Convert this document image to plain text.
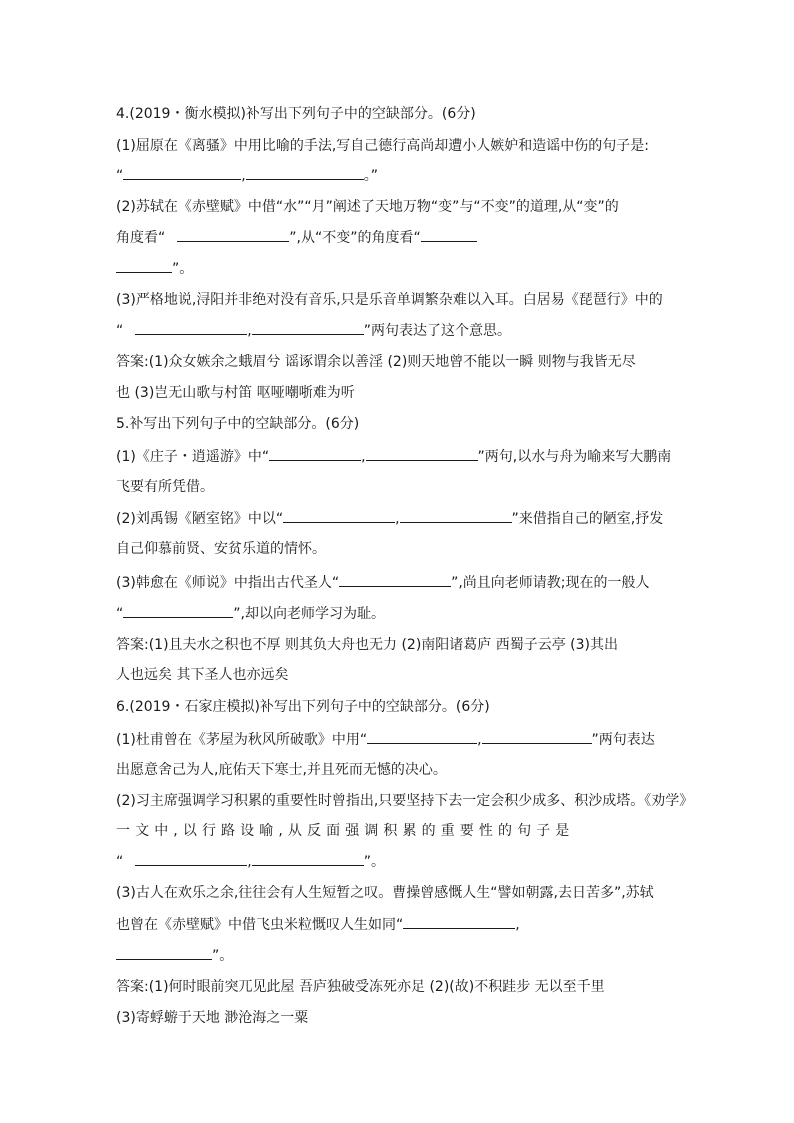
4.(2019・衡水模拟)补写出下列句子中的空缺部分。(6分)
(1)屈原在《离骚》中用比喻的手法,写自己德行高尚却遭小人嫉妒和造谣中伤的句子是:
“	,	。”
(2)苏轼在《赤壁赋》中借“水”“月”阐述了天地万物“变”与“不变”的道理,从“变”的
角度看“	”,从“不变”的角度看“
”。
(3)严格地说,浔阳并非绝对没有音乐,只是乐音单调繁杂难以入耳。白居易《琵琶行》中的
“	,	”两句表达了这个意思。
答案:(1)众女嫉余之蛾眉兮 谣诼谓余以善淫 (2)则天地曾不能以一瞬 则物与我皆无尽
也 (3)岂无山歌与村笛 呕哑嘲哳难为听
5.补写出下列句子中的空缺部分。(6分)
(1)《庄子・逍遥游》中“	,	”两句,以水与舟为喻来写大鹏南
飞要有所凭借。
(2)刘禹锡《陋室铭》中以“	,	”来借指自己的陋室,抒发
自己仰慕前贤、安贫乐道的情怀。
(3)韩愈在《师说》中指出古代圣人“	”,尚且向老师请教;现在的一般人
“	”,却以向老师学习为耻。
答案:(1)且夫水之积也不厚 则其负大舟也无力 (2)南阳诸葛庐 西蜀子云亭 (3)其出
人也远矣 其下圣人也亦远矣
6.(2019・石家庄模拟)补写出下列句子中的空缺部分。(6分)
(1)杜甫曾在《茅屋为秋风所破歌》中用“	,	”两句表达
出愿意舍己为人,庇佑天下寒士,并且死而无憾的决心。
(2)习主席强调学习积累的重要性时曾指出,只要坚持下去一定会积少成多、积沙成塔。《劝学》
一文中,以行路设喻,从反面强调积累的重要性的句子是
“	,	”。
(3)古人在欢乐之余,往往会有人生短暂之叹。曹操曾感慨人生“譬如朝露,去日苦多”,苏轼
也曾在《赤壁赋》中借飞虫米粒慨叹人生如同“	,
”。
答案:(1)何时眼前突兀见此屋 吾庐独破受冻死亦足 (2)(故)不积跬步 无以至千里
(3)寄蜉蝣于天地 渺沧海之一粟
